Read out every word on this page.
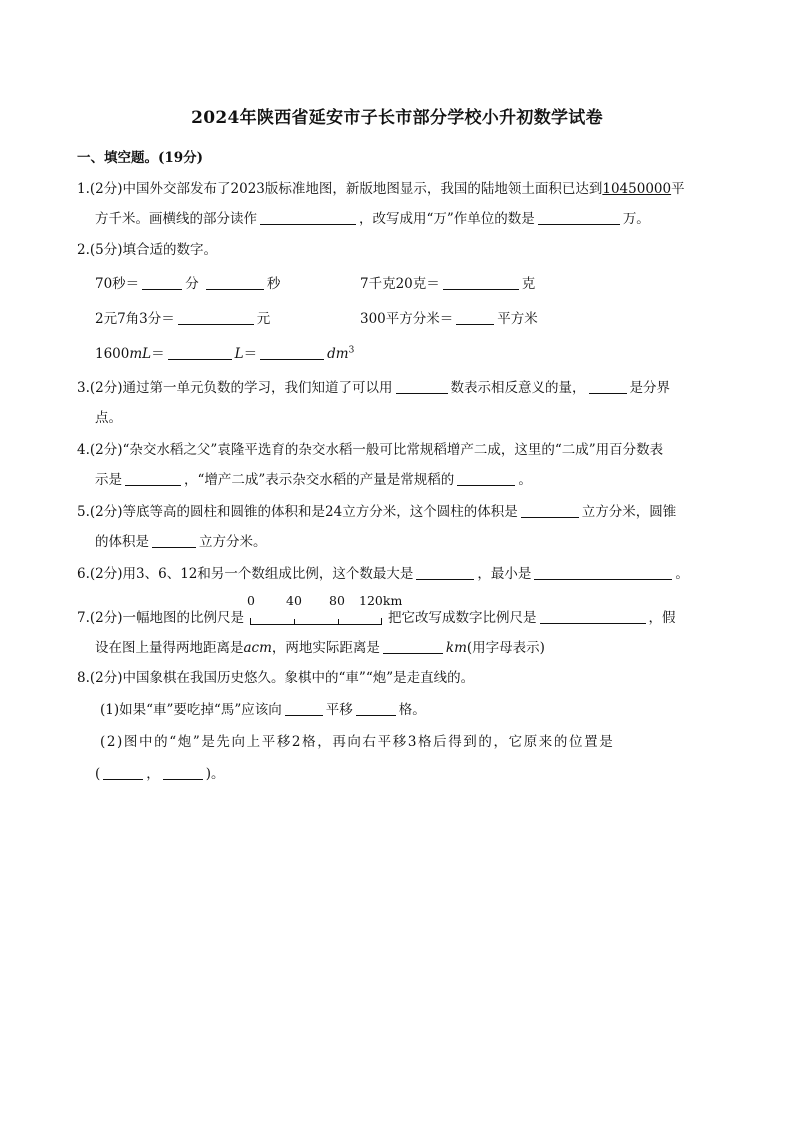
2024年陕西省延安市子长市部分学校小升初数学试卷
一、填空题。(19分)
1.(2分)中国外交部发布了2023版标准地图，新版地图显示，我国的陆地领土面积已达到10450000平
方千米。画横线的部分读作	，改写成用“万”作单位的数是	万。
2.(5分)填合适的数字。
70秒＝	分	秒	7千克20克＝	克
2元7角3分＝	元	300平方分米＝	平方米
1600mL＝	L＝	$dm^3$
3.(2分)通过第一单元负数的学习，我们知道了可以用	数表示相反意义的量，	是分界
点。
4.(2分)“杂交水稻之父”袁隆平选育的杂交水稻一般可比常规稻增产二成，这里的“二成”用百分数表
示是	，“增产二成”表示杂交水稻的产量是常规稻的	。
5.(2分)等底等高的圆柱和圆锥的体积和是24立方分米，这个圆柱的体积是	立方分米，圆锥
的体积是	立方分米。
6.(2分)用3、6、12和另一个数组成比例，这个数最大是	，最小是	。
7.(2分)一幅地图的比例尺是
0 40 80 120km
把它改写成数字比例尺是	，假
设在图上量得两地距离是acm，两地实际距离是	km(用字母表示)
8.(2分)中国象棋在我国历史悠久。象棋中的“車”“炮”是走直线的。
(1)如果“車”要吃掉“馬”应该向	平移	格。
(2)图中的“炮”是先向上平移2格，再向右平移3格后得到的，它原来的位置是
(	，	)。
